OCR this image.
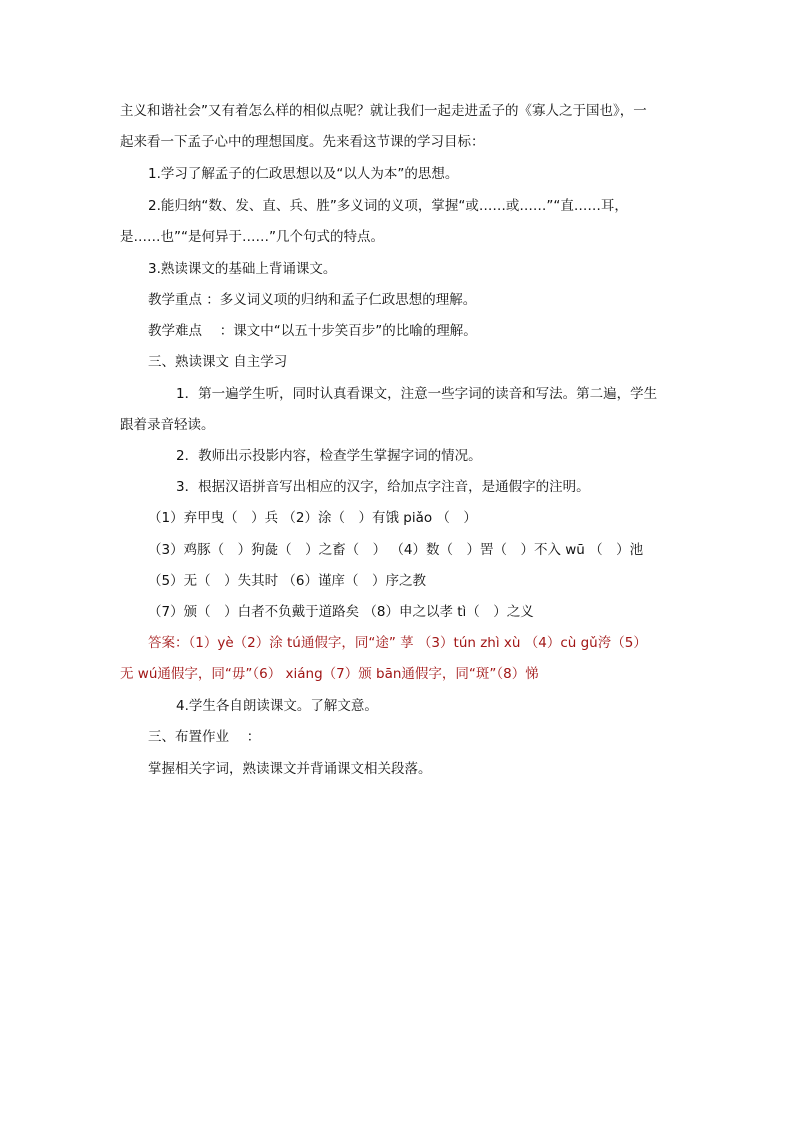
主义和谐社会”又有着怎么样的相似点呢？就让我们一起走进孟子的《寡人之于国也》，一
起来看一下孟子心中的理想国度。先来看这节课的学习目标：
1.学习了解孟子的仁政思想以及“以人为本”的思想。
2.能归纳“数、发、直、兵、胜”多义词的义项，掌握“或……或……”“直……耳，
是……也”“是何异于……”几个句式的特点。
3.熟读课文的基础上背诵课文。
教学重点 ：多义词义项的归纳和孟子仁政思想的理解。
教学难点　 ：课文中“以五十步笑百步”的比喻的理解。
三、熟读课文 自主学习
1．第一遍学生听，同时认真看课文，注意一些字词的读音和写法。第二遍，学生
跟着录音轻读。
2．教师出示投影内容，检查学生掌握字词的情况。
3．根据汉语拼音写出相应的汉字，给加点字注音，是通假字的注明。
（1）弃甲曳（　）兵 （2）涂（　）有饿 piǎo （　）
（3）鸡豚（　）狗彘（　）之畜（　） （4）数（　）罟（　）不入 wū （　）池
（5）无（　）失其时 （6）谨庠（　）序之教
（7）颁（　）白者不负戴于道路矣 （8）申之以孝 tì（　）之义
答案：（1）yè（2）涂 tú通假字，同“途” 莩 （3）tún zhì xù （4）cù gǔ洿（5）
无 wú通假字，同“毋”（6） xiáng（7）颁 bān通假字，同“斑”（8）悌
4.学生各自朗读课文。了解文意。
三、布置作业　 ：
掌握相关字词，熟读课文并背诵课文相关段落。
